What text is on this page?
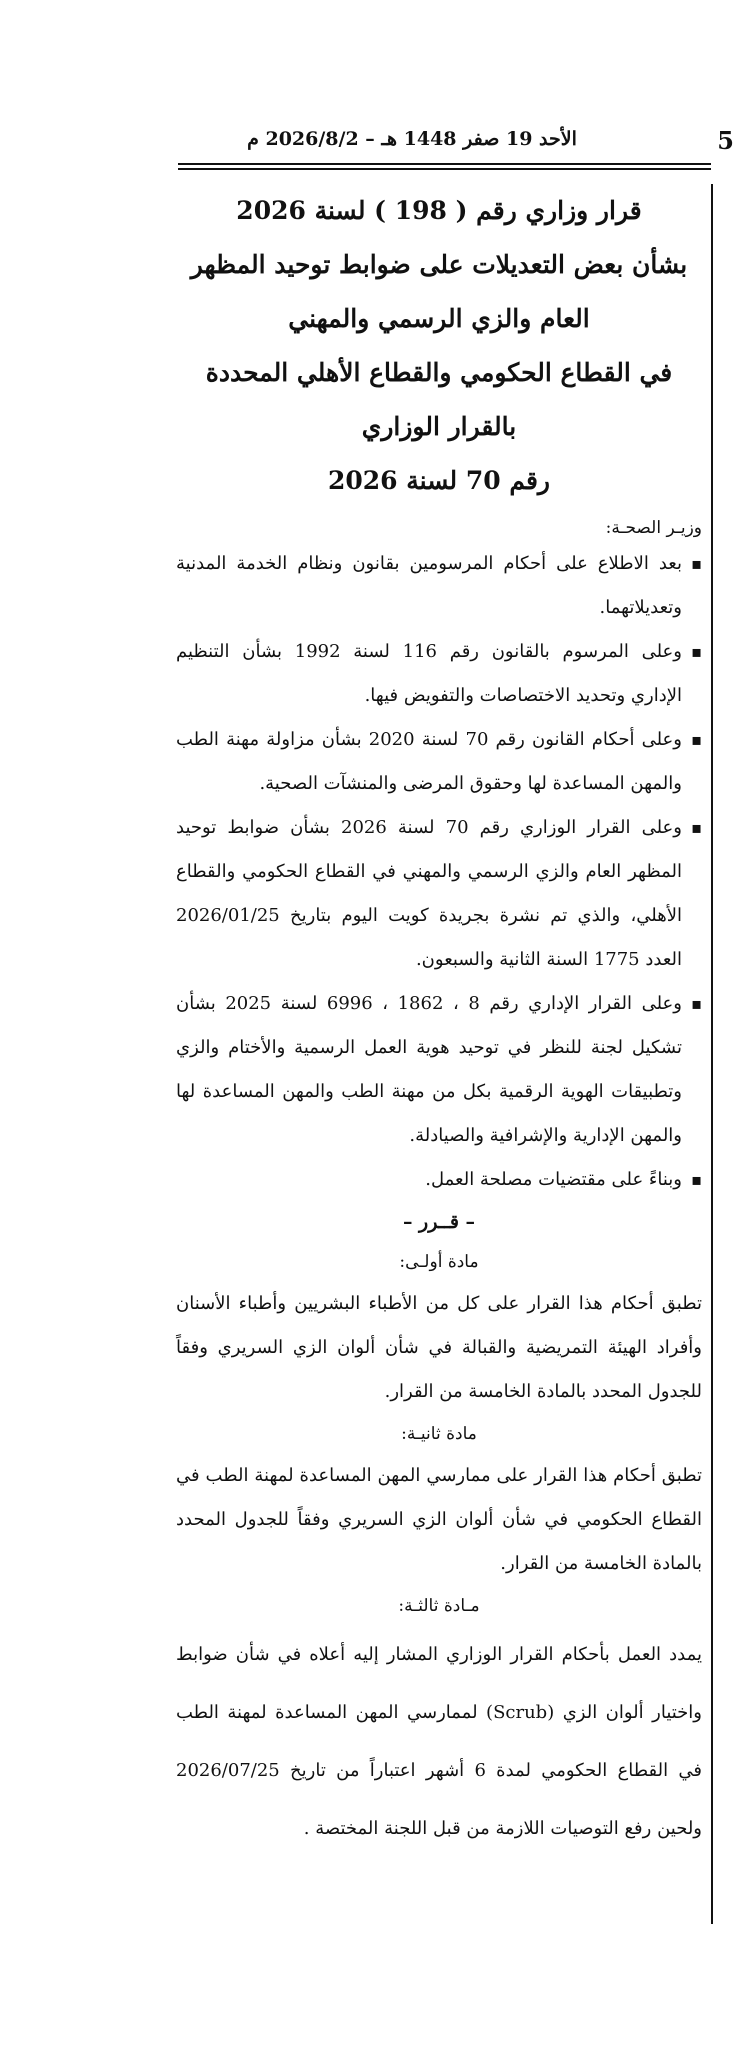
5
الأحد 19 صفر 1448 هـ – 2026/8/2 م

قرار وزاري رقم ( 198 ) لسنة 2026

بشأن بعض التعديلات على ضوابط توحيد المظهر

العام والزي الرسمي والمهني

في القطاع الحكومي والقطاع الأهلي المحددة

بالقرار الوزاري

رقم 70 لسنة 2026

وزيـر الصحـة:
▪ بعد الاطلاع على أحكام المرسومين بقانون ونظام الخدمة المدنية وتعديلاتهما.
▪ وعلى المرسوم بالقانون رقم 116 لسنة 1992 بشأن التنظيم الإداري وتحديد الاختصاصات والتفويض فيها.
▪ وعلى أحكام القانون رقم 70 لسنة 2020 بشأن مزاولة مهنة الطب والمهن المساعدة لها وحقوق المرضى والمنشآت الصحية.
▪ وعلى القرار الوزاري رقم 70 لسنة 2026 بشأن ضوابط توحيد المظهر العام والزي الرسمي والمهني في القطاع الحكومي والقطاع الأهلي، والذي تم نشرة بجريدة كويت اليوم بتاريخ 2026/01/25 العدد 1775 السنة الثانية والسبعون.
▪ وعلى القرار الإداري رقم 8 ، 1862 ، 6996 لسنة 2025 بشأن تشكيل لجنة للنظر في توحيد هوية العمل الرسمية والأختام والزي وتطبيقات الهوية الرقمية بكل من مهنة الطب والمهن المساعدة لها والمهن الإدارية والإشرافية والصيادلة.
▪ وبناءً على مقتضيات مصلحة العمل.
– قــرر –
مادة أولـى:

تطبق أحكام هذا القرار على كل من الأطباء البشريين وأطباء الأسنان وأفراد الهيئة التمريضية والقبالة في شأن ألوان الزي السريري وفقاً للجدول المحدد بالمادة الخامسة من القرار.

مادة ثانيـة:

تطبق أحكام هذا القرار على ممارسي المهن المساعدة لمهنة الطب في القطاع الحكومي في شأن ألوان الزي السريري وفقاً للجدول المحدد بالمادة الخامسة من القرار.

مـادة ثالثـة:

يمدد العمل بأحكام القرار الوزاري المشار إليه أعلاه في شأن ضوابط واختيار ألوان الزي (Scrub) لممارسي المهن المساعدة لمهنة الطب في القطاع الحكومي لمدة 6 أشهر اعتباراً من تاريخ 2026/07/25 ولحين رفع التوصيات اللازمة من قبل اللجنة المختصة .
